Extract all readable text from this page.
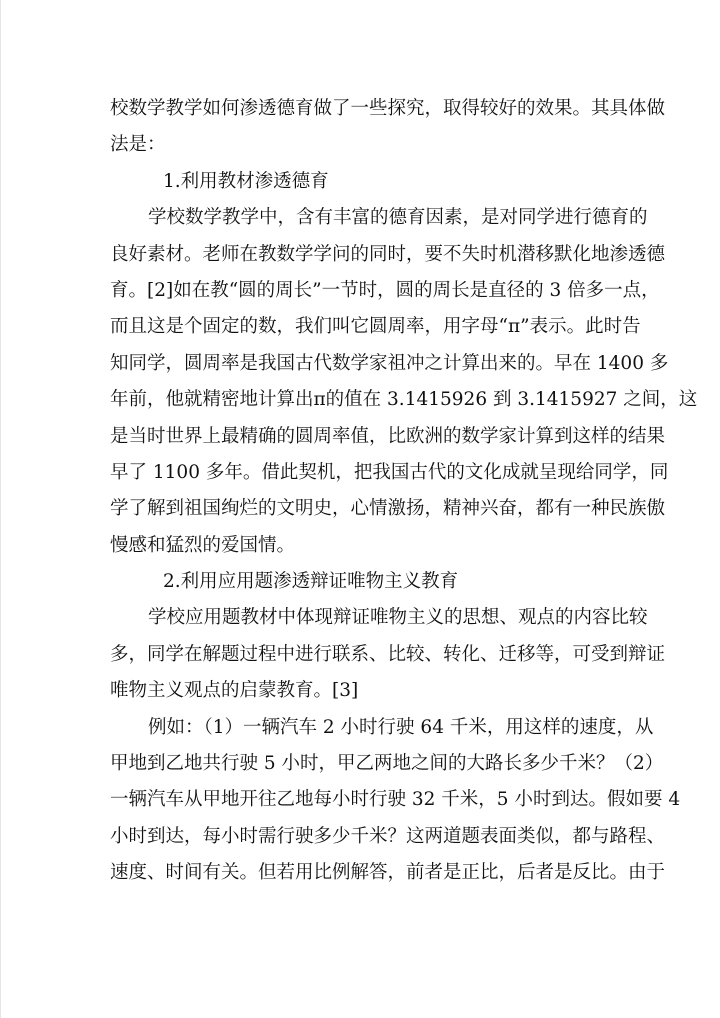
校数学教学如何渗透德育做了一些探究，取得较好的效果。其具体做
法是：
1.利用教材渗透德育
学校数学教学中，含有丰富的德育因素，是对同学进行德育的
良好素材。老师在教数学学问的同时，要不失时机潜移默化地渗透德
育。[2]如在教“圆的周长”一节时，圆的周长是直径的 3 倍多一点，
而且这是个固定的数，我们叫它圆周率，用字母“π”表示。此时告
知同学，圆周率是我国古代数学家祖冲之计算出来的。早在 1400 多
年前，他就精密地计算出π的值在 3.1415926 到 3.1415927 之间，这
是当时世界上最精确的圆周率值，比欧洲的数学家计算到这样的结果
早了 1100 多年。借此契机，把我国古代的文化成就呈现给同学，同
学了解到祖国绚烂的文明史，心情激扬，精神兴奋，都有一种民族傲
慢感和猛烈的爱国情。
2.利用应用题渗透辩证唯物主义教育
学校应用题教材中体现辩证唯物主义的思想、观点的内容比较
多，同学在解题过程中进行联系、比较、转化、迁移等，可受到辩证
唯物主义观点的启蒙教育。[3]
例如：（1）一辆汽车 2 小时行驶 64 千米，用这样的速度，从
甲地到乙地共行驶 5 小时，甲乙两地之间的大路长多少千米？（2）
一辆汽车从甲地开往乙地每小时行驶 32 千米，5 小时到达。假如要 4
小时到达，每小时需行驶多少千米？这两道题表面类似，都与路程、
速度、时间有关。但若用比例解答，前者是正比，后者是反比。由于
